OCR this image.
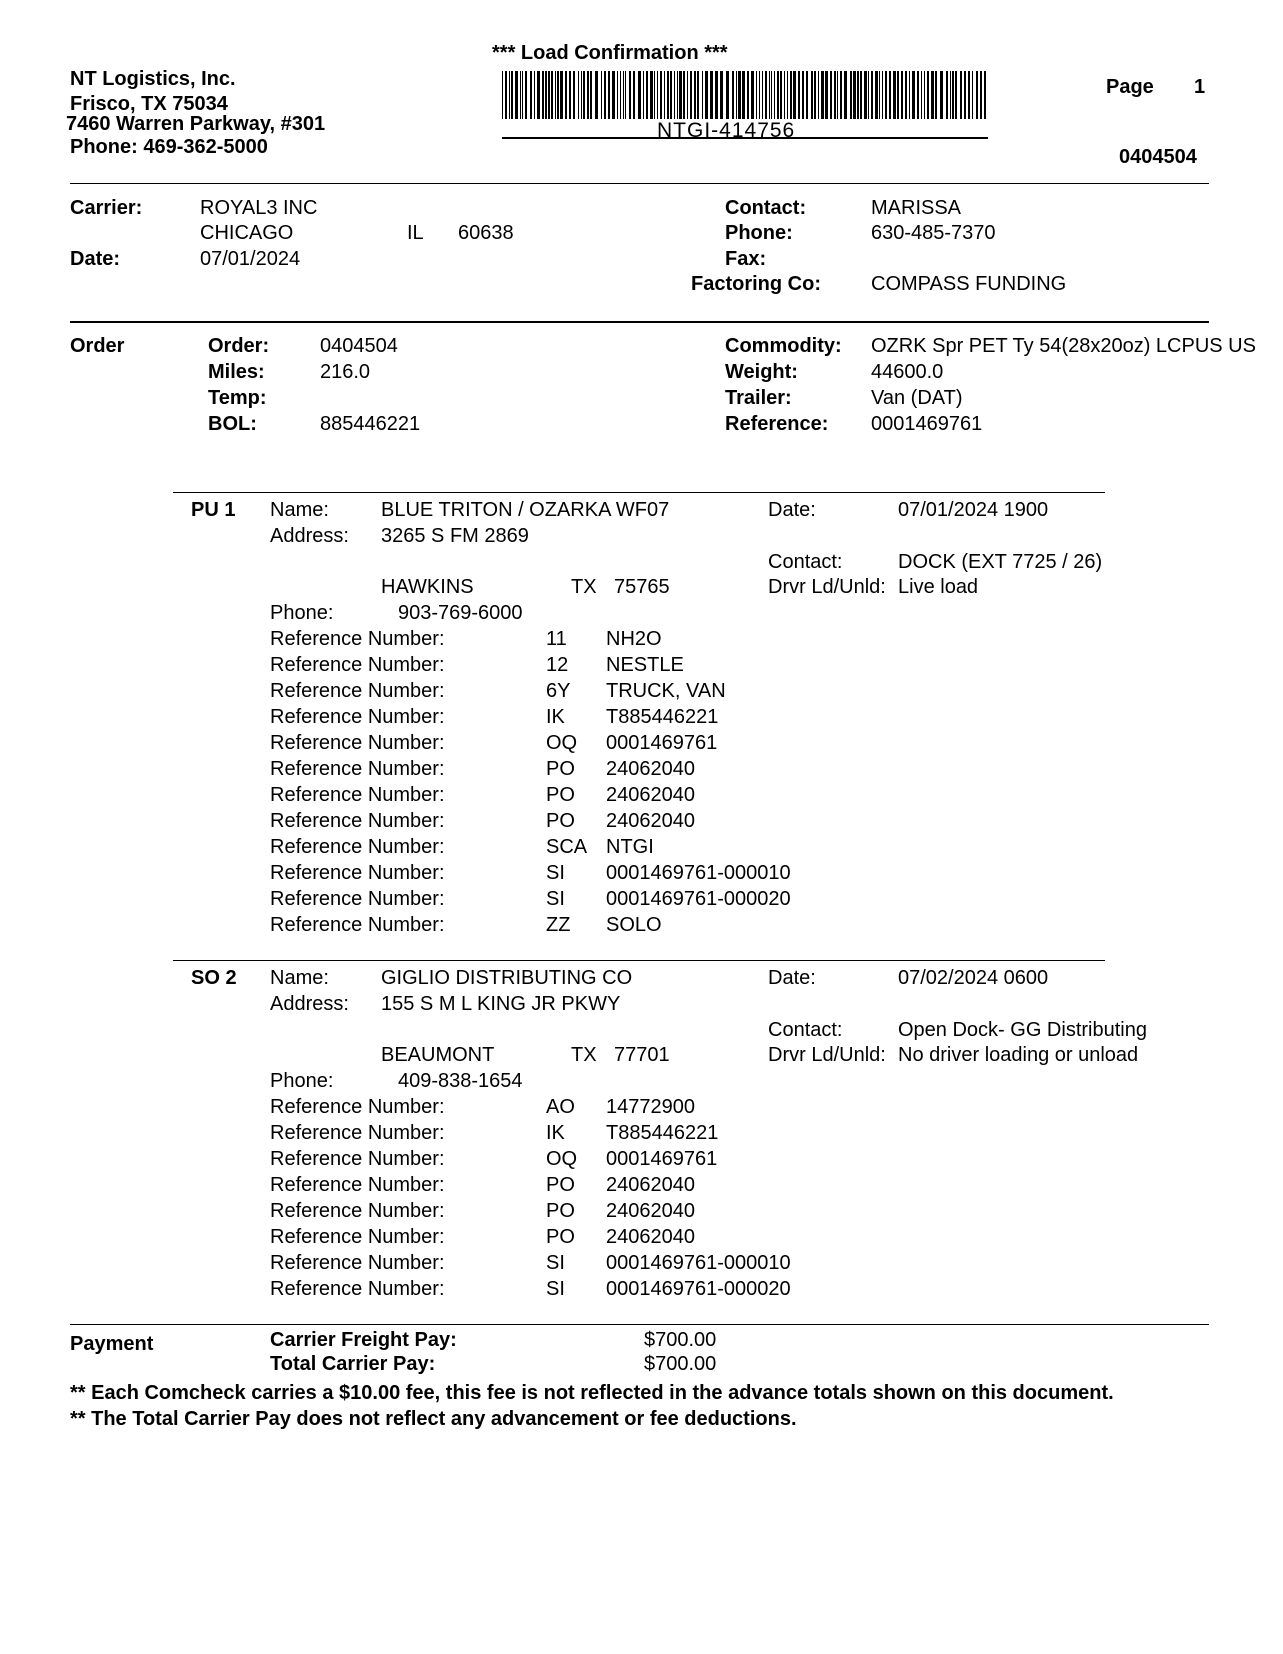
*** Load Confirmation ***
NTGI-414756
NT Logistics, Inc.
Frisco, TX 75034
7460 Warren Parkway, #301
Phone: 469-362-5000
Page 1
0404504
Carrier:	ROYAL3 INC
CHICAGO	IL 60638
Date:	07/01/2024
Contact:	MARISSA
Phone:	630-485-7370
Fax:
Factoring Co:	COMPASS FUNDING
Order	Order:	0404504
Miles:	216.0
Temp:
BOL:	885446221
Commodity: OZRK Spr PET Ty 54(28x20oz) LCPUS US
Weight:	44600.0
Trailer:	Van (DAT)
Reference: 0001469761
PU 1 Name:	BLUE TRITON / OZARKA WF07
Address: 3265 S FM 2869
HAWKINS	TX 75765
Phone:	903-769-6000
Date:	07/01/2024 1900
Contact:	DOCK (EXT 7725 / 26)
Drvr Ld/Unld: Live load
Reference Number:	11 NH2O
Reference Number:	12 NESTLE
Reference Number:	6Y TRUCK, VAN
Reference Number:	IK T885446221
Reference Number:	OQ 0001469761
Reference Number:	PO 24062040
Reference Number:	PO 24062040
Reference Number:	PO 24062040
Reference Number:	SCA NTGI
Reference Number:	SI 0001469761-000010
Reference Number:	SI 0001469761-000020
Reference Number:	ZZ SOLO
SO 2 Name:	GIGLIO DISTRIBUTING CO
Address: 155 S M L KING JR PKWY
BEAUMONT	TX 77701
Phone:	409-838-1654
Date:	07/02/2024 0600
Contact:	Open Dock- GG Distributing
Drvr Ld/Unld: No driver loading or unload
Reference Number:	AO 14772900
Reference Number:	IK T885446221
Reference Number:	OQ 0001469761
Reference Number:	PO 24062040
Reference Number:	PO 24062040
Reference Number:	PO 24062040
Reference Number:	SI 0001469761-000010
Reference Number:	SI 0001469761-000020
Payment	Carrier Freight Pay:	$700.00
Total Carrier Pay:	$700.00
** Each Comcheck carries a $10.00 fee, this fee is not reflected in the advance totals shown on this document.
** The Total Carrier Pay does not reflect any advancement or fee deductions.
